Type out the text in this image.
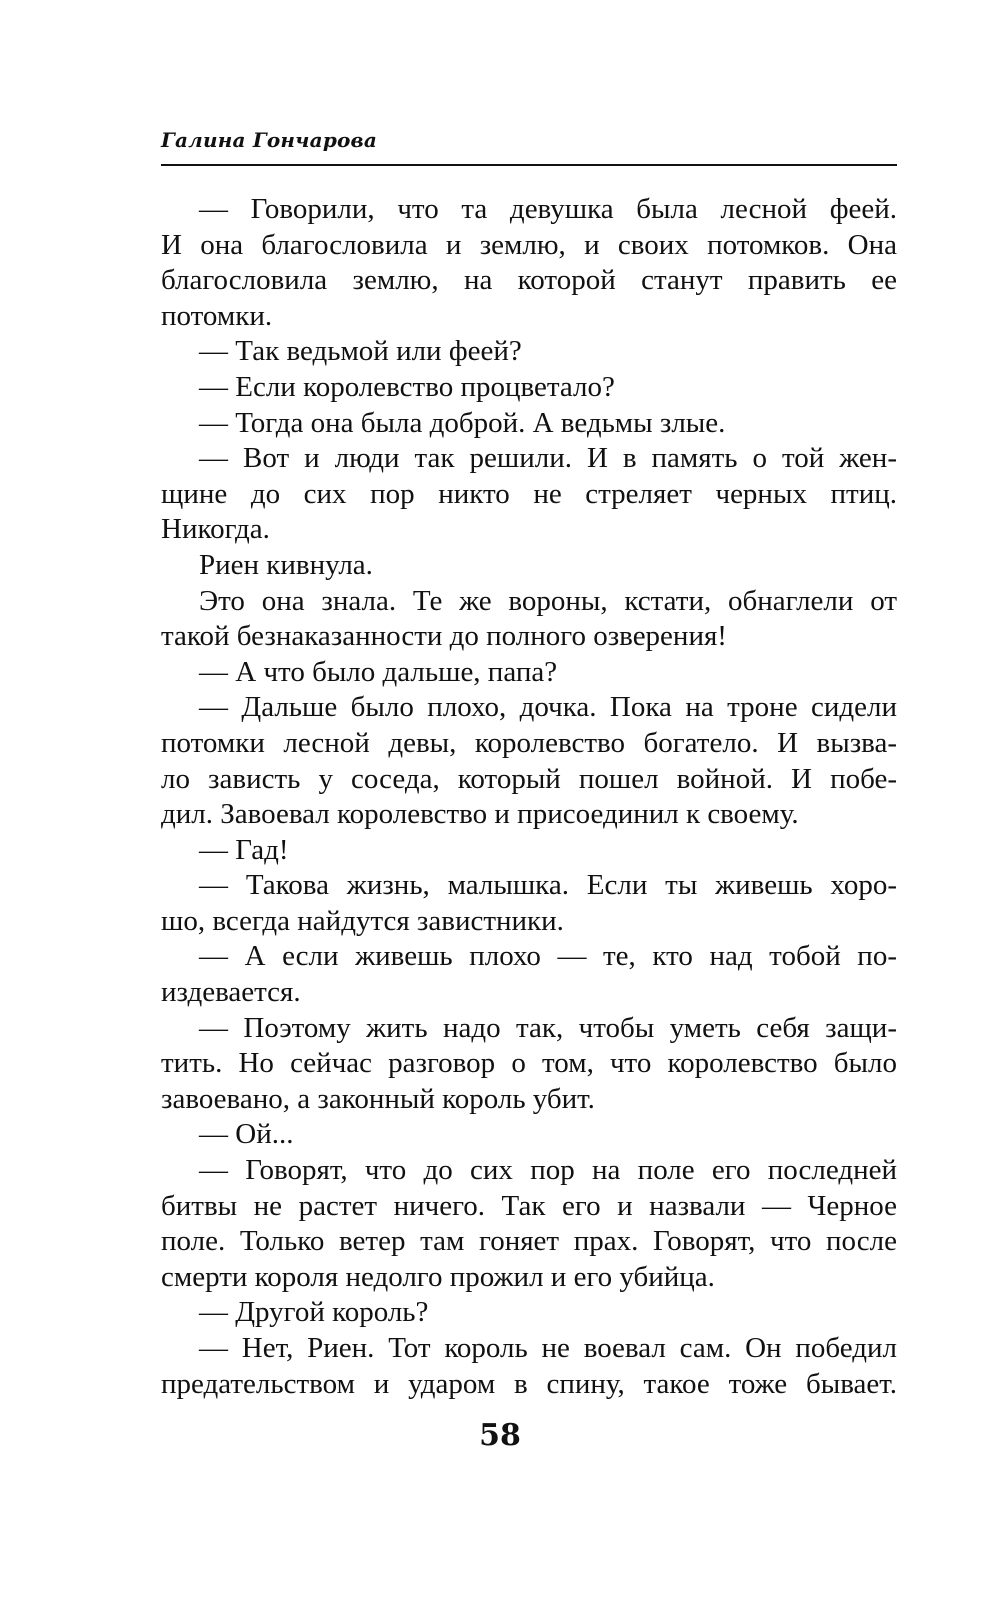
Галина Гончарова
— Говорили, что та девушка была лесной феей.
И она благословила и землю, и своих потомков. Она
благословила землю, на которой станут править ее
потомки.
— Так ведьмой или феей?
— Если королевство процветало?
— Тогда она была доброй. А ведьмы злые.
— Вот и люди так решили. И в память о той жен-
щине до сих пор никто не стреляет черных птиц.
Никогда.
Риен кивнула.
Это она знала. Те же вороны, кстати, обнаглели от
такой безнаказанности до полного озверения!
— А что было дальше, папа?
— Дальше было плохо, дочка. Пока на троне сидели
потомки лесной девы, королевство богатело. И вызва-
ло зависть у соседа, который пошел войной. И побе-
дил. Завоевал королевство и присоединил к своему.
— Гад!
— Такова жизнь, малышка. Если ты живешь хоро-
шо, всегда найдутся завистники.
— А если живешь плохо — те, кто над тобой по-
издевается.
— Поэтому жить надо так, чтобы уметь себя защи-
тить. Но сейчас разговор о том, что королевство было
завоевано, а законный король убит.
— Ой...
— Говорят, что до сих пор на поле его последней
битвы не растет ничего. Так его и назвали — Черное
поле. Только ветер там гоняет прах. Говорят, что после
смерти короля недолго прожил и его убийца.
— Другой король?
— Нет, Риен. Тот король не воевал сам. Он победил
предательством и ударом в спину, такое тоже бывает.
58
